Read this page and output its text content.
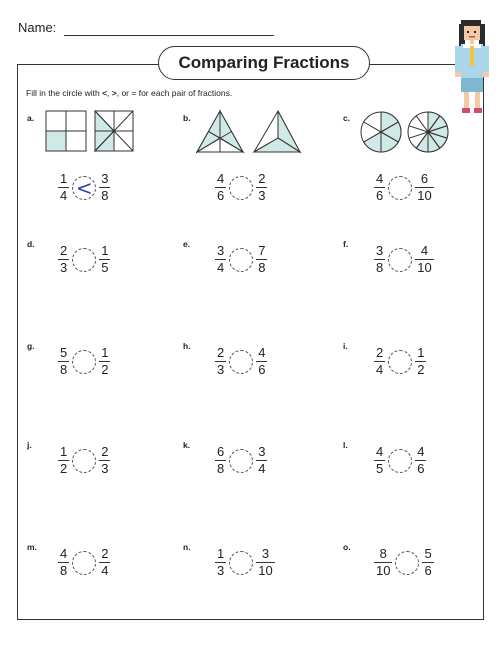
Name:
Comparing Fractions
Fill in the circle with <, >, or = for each pair of fractions.
a.
$\frac{1}{4} < \frac{3}{8}$
b.
$\frac{4}{6} \frac{2}{3}$
c.
$\frac{4}{6} \frac{6}{10}$
d. $\frac{2}{3} \frac{1}{5}$	e. $\frac{3}{4} \frac{7}{8}$	f. $\frac{3}{8} \frac{4}{10}$
g. $\frac{5}{8} \frac{1}{2}$	h. $\frac{2}{3} \frac{4}{6}$	i. $\frac{2}{4} \frac{1}{2}$
j. $\frac{1}{2} \frac{2}{3}$	k. $\frac{6}{8} \frac{3}{4}$	l. $\frac{4}{5} \frac{4}{6}$
m. $\frac{4}{8} \frac{2}{4}$	n. $\frac{1}{3} \frac{3}{10}$	o. $\frac{8}{10} \frac{5}{6}$
